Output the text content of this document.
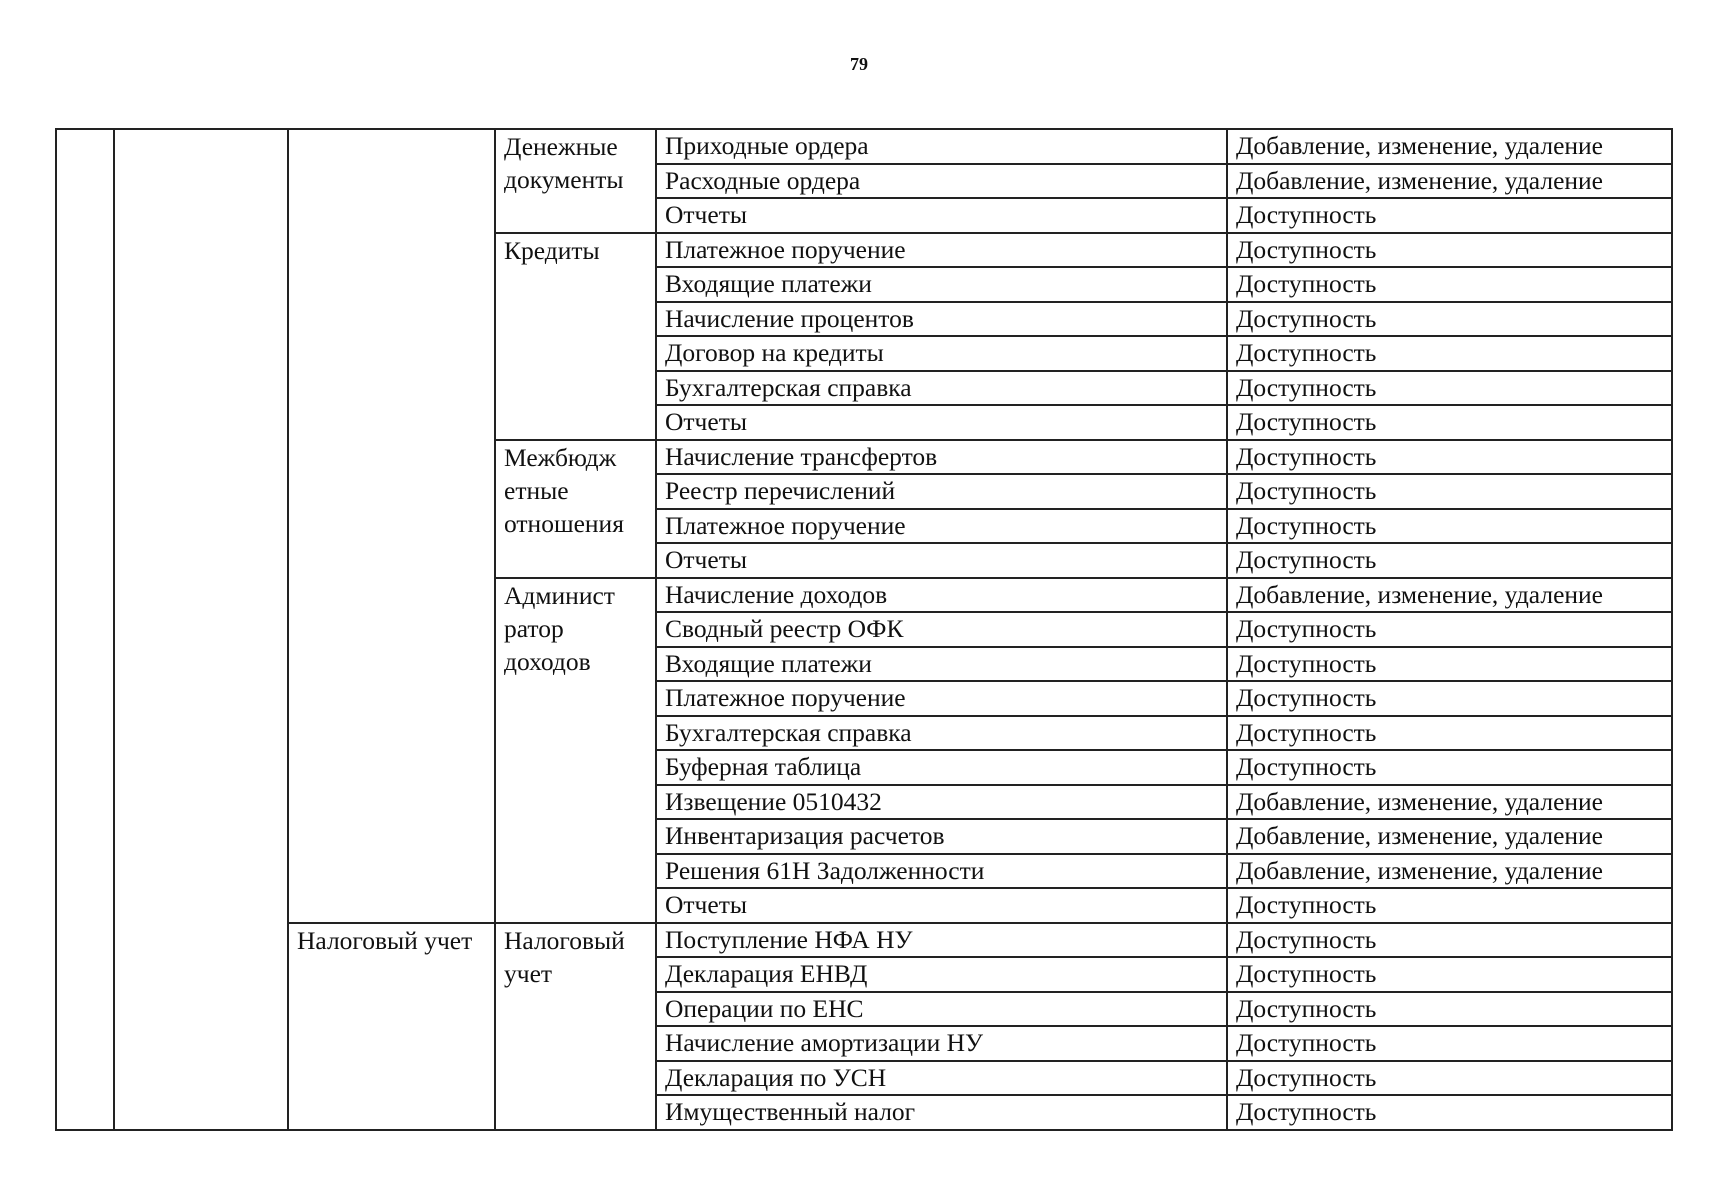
79
			Денежные документы	Приходные ордера	Добавление, изменение, удаление
				Расходные ордера	Добавление, изменение, удаление
				Отчеты	Доступность
			Кредиты	Платежное поручение	Доступность
				Входящие платежи	Доступность
				Начисление процентов	Доступность
				Договор на кредиты	Доступность
				Бухгалтерская справка	Доступность
				Отчеты	Доступность
			Межбюдж етные отношения	Начисление трансфертов	Доступность
				Реестр перечислений	Доступность
				Платежное поручение	Доступность
				Отчеты	Доступность
			Админист ратор доходов	Начисление доходов	Добавление, изменение, удаление
				Сводный реестр ОФК	Доступность
				Входящие платежи	Доступность
				Платежное поручение	Доступность
				Бухгалтерская справка	Доступность
				Буферная таблица	Доступность
				Извещение 0510432	Добавление, изменение, удаление
				Инвентаризация расчетов	Добавление, изменение, удаление
				Решения 61Н Задолженности	Добавление, изменение, удаление
				Отчеты	Доступность
		Налоговый учет	Налоговый учет	Поступление НФА НУ	Доступность
				Декларация ЕНВД	Доступность
				Операции по ЕНС	Доступность
				Начисление амортизации НУ	Доступность
				Декларация по УСН	Доступность
				Имущественный налог	Доступность
